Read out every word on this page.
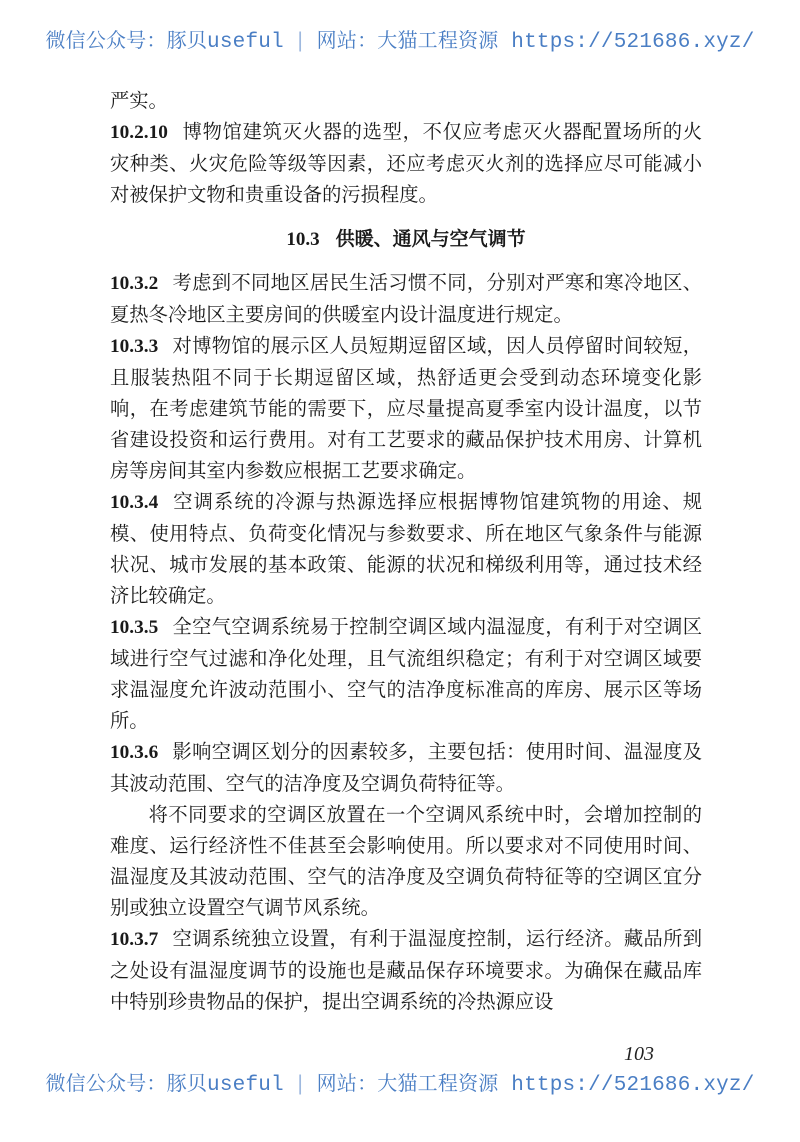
微信公众号：豚贝useful | 网站：大猫工程资源 https://521686.xyz/

严实。

10.2.10 博物馆建筑灭火器的选型，不仅应考虑灭火器配置场所的火灾种类、火灾危险等级等因素，还应考虑灭火剂的选择应尽可能减小对被保护文物和贵重设备的污损程度。

10.3 供暖、通风与空气调节

10.3.2 考虑到不同地区居民生活习惯不同，分别对严寒和寒冷地区、夏热冬冷地区主要房间的供暖室内设计温度进行规定。

10.3.3 对博物馆的展示区人员短期逗留区域，因人员停留时间较短，且服装热阻不同于长期逗留区域，热舒适更会受到动态环境变化影响，在考虑建筑节能的需要下，应尽量提高夏季室内设计温度，以节省建设投资和运行费用。对有工艺要求的藏品保护技术用房、计算机房等房间其室内参数应根据工艺要求确定。

10.3.4 空调系统的冷源与热源选择应根据博物馆建筑物的用途、规模、使用特点、负荷变化情况与参数要求、所在地区气象条件与能源状况、城市发展的基本政策、能源的状况和梯级利用等，通过技术经济比较确定。

10.3.5 全空气空调系统易于控制空调区域内温湿度，有利于对空调区域进行空气过滤和净化处理，且气流组织稳定；有利于对空调区域要求温湿度允许波动范围小、空气的洁净度标准高的库房、展示区等场所。

10.3.6 影响空调区划分的因素较多，主要包括：使用时间、温湿度及其波动范围、空气的洁净度及空调负荷特征等。

将不同要求的空调区放置在一个空调风系统中时，会增加控制的难度、运行经济性不佳甚至会影响使用。所以要求对不同使用时间、温湿度及其波动范围、空气的洁净度及空调负荷特征等的空调区宜分别或独立设置空气调节风系统。

10.3.7 空调系统独立设置，有利于温湿度控制，运行经济。藏品所到之处设有温湿度调节的设施也是藏品保存环境要求。为确保在藏品库中特别珍贵物品的保护，提出空调系统的冷热源应设

103
微信公众号：豚贝useful | 网站：大猫工程资源 https://521686.xyz/
